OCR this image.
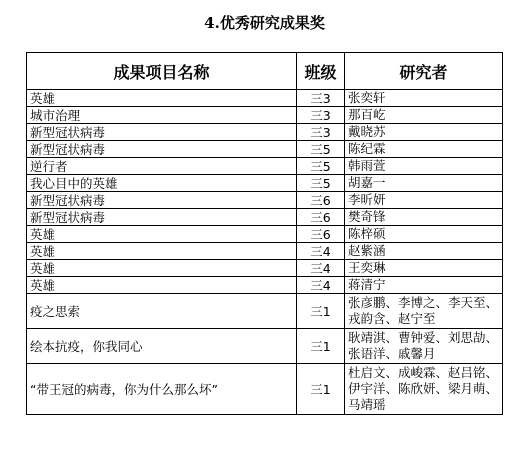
4.优秀研究成果奖
成果项目名称	班级	研究者
英雄	三3	张奕轩
城市治理	三3	那百屹
新型冠状病毒	三3	戴晓苏
新型冠状病毒	三5	陈纪霖
逆行者	三5	韩雨萱
我心目中的英雄	三5	胡嘉一
新型冠状病毒	三6	李昕妍
新型冠状病毒	三6	樊奇锋
英雄	三6	陈梓硕
英雄	三4	赵紫涵
英雄	三4	王奕琳
英雄	三4	蒋清宁
疫之思索	三1	张彦鹏、李博之、李天至、戎韵含、赵宁至
绘本抗疫，你我同心	三1	耿靖淇、曹钟爱、刘思劼、张语洋、戚馨月
“带王冠的病毒，你为什么那么坏”	三1	杜启文、成峻霖、赵吕铭、伊宇洋、陈欣妍、梁月萌、马靖瑶
